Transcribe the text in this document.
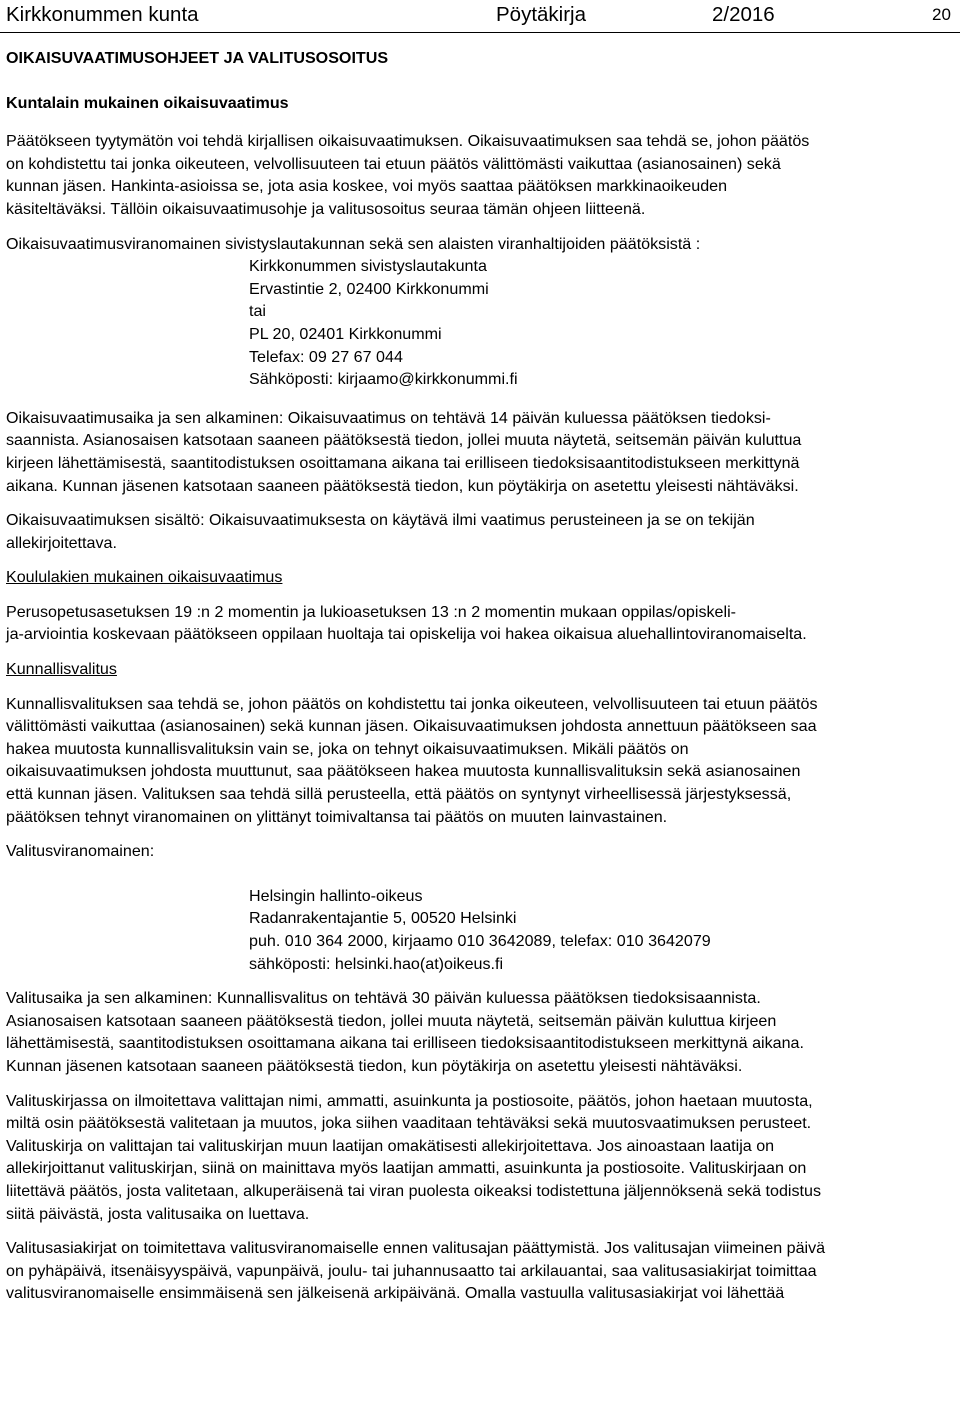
Kirkkonummen kunta	Pöytäkirja	2/2016	20
OIKAISUVAATIMUSOHJEET JA VALITUSOSOITUS
Kuntalain mukainen oikaisuvaatimus
Päätökseen tyytymätön voi tehdä kirjallisen oikaisuvaatimuksen. Oikaisuvaatimuksen saa tehdä se, johon päätös
on kohdistettu tai jonka oikeuteen, velvollisuuteen tai etuun päätös välittömästi vaikuttaa (asianosainen) sekä
kunnan jäsen. Hankinta-asioissa se, jota asia koskee, voi myös saattaa päätöksen markkinaoikeuden
käsiteltäväksi. Tällöin oikaisuvaatimusohje ja valitusosoitus seuraa tämän ohjeen liitteenä.
Oikaisuvaatimusviranomainen sivistyslautakunnan sekä sen alaisten viranhaltijoiden päätöksistä :
Kirkkonummen sivistyslautakunta
Ervastintie 2, 02400 Kirkkonummi
tai
PL 20, 02401 Kirkkonummi
Telefax: 09 27 67 044
Sähköposti: kirjaamo@kirkkonummi.fi
Oikaisuvaatimusaika ja sen alkaminen: Oikaisuvaatimus on tehtävä 14 päivän kuluessa päätöksen tiedoksi-
saannista. Asianosaisen katsotaan saaneen päätöksestä tiedon, jollei muuta näytetä, seitsemän päivän kuluttua
kirjeen lähettämisestä, saantitodistuksen osoittamana aikana tai erilliseen tiedoksisaantitodistukseen merkittynä
aikana. Kunnan jäsenen katsotaan saaneen päätöksestä tiedon, kun pöytäkirja on asetettu yleisesti nähtäväksi.
Oikaisuvaatimuksen sisältö: Oikaisuvaatimuksesta on käytävä ilmi vaatimus perusteineen ja se on tekijän
allekirjoitettava.
Koululakien mukainen oikaisuvaatimus
Perusopetusasetuksen 19 :n 2 momentin ja lukioasetuksen 13 :n 2 momentin mukaan oppilas/opiskeli-
ja-arviointia koskevaan päätökseen oppilaan huoltaja tai opiskelija voi hakea oikaisua aluehallintoviranomaiselta.
Kunnallisvalitus
Kunnallisvalituksen saa tehdä se, johon päätös on kohdistettu tai jonka oikeuteen, velvollisuuteen tai etuun päätös
välittömästi vaikuttaa (asianosainen) sekä kunnan jäsen. Oikaisuvaatimuksen johdosta annettuun päätökseen saa
hakea muutosta kunnallisvalituksin vain se, joka on tehnyt oikaisuvaatimuksen. Mikäli päätös on
oikaisuvaatimuksen johdosta muuttunut, saa päätökseen hakea muutosta kunnallisvalituksin sekä asianosainen
että kunnan jäsen. Valituksen saa tehdä sillä perusteella, että päätös on syntynyt virheellisessä järjestyksessä,
päätöksen tehnyt viranomainen on ylittänyt toimivaltansa tai päätös on muuten lainvastainen.
Valitusviranomainen:
Helsingin hallinto-oikeus
Radanrakentajantie 5, 00520 Helsinki
puh. 010 364 2000, kirjaamo 010 3642089, telefax: 010 3642079
sähköposti: helsinki.hao(at)oikeus.fi
Valitusaika ja sen alkaminen: Kunnallisvalitus on tehtävä 30 päivän kuluessa päätöksen tiedoksisaannista.
Asianosaisen katsotaan saaneen päätöksestä tiedon, jollei muuta näytetä, seitsemän päivän kuluttua kirjeen
lähettämisestä, saantitodistuksen osoittamana aikana tai erilliseen tiedoksisaantitodistukseen merkittynä aikana.
Kunnan jäsenen katsotaan saaneen päätöksestä tiedon, kun pöytäkirja on asetettu yleisesti nähtäväksi.
Valituskirjassa on ilmoitettava valittajan nimi, ammatti, asuinkunta ja postiosoite, päätös, johon haetaan muutosta,
miltä osin päätöksestä valitetaan ja muutos, joka siihen vaaditaan tehtäväksi sekä muutosvaatimuksen perusteet.
Valituskirja on valittajan tai valituskirjan muun laatijan omakätisesti allekirjoitettava. Jos ainoastaan laatija on
allekirjoittanut valituskirjan, siinä on mainittava myös laatijan ammatti, asuinkunta ja postiosoite. Valituskirjaan on
liitettävä päätös, josta valitetaan, alkuperäisenä tai viran puolesta oikeaksi todistettuna jäljennöksenä sekä todistus
siitä päivästä, josta valitusaika on luettava.
Valitusasiakirjat on toimitettava valitusviranomaiselle ennen valitusajan päättymistä. Jos valitusajan viimeinen päivä
on pyhäpäivä, itsenäisyyspäivä, vapunpäivä, joulu- tai juhannusaatto tai arkilauantai, saa valitusasiakirjat toimittaa
valitusviranomaiselle ensimmäisenä sen jälkeisenä arkipäivänä. Omalla vastuulla valitusasiakirjat voi lähettää
